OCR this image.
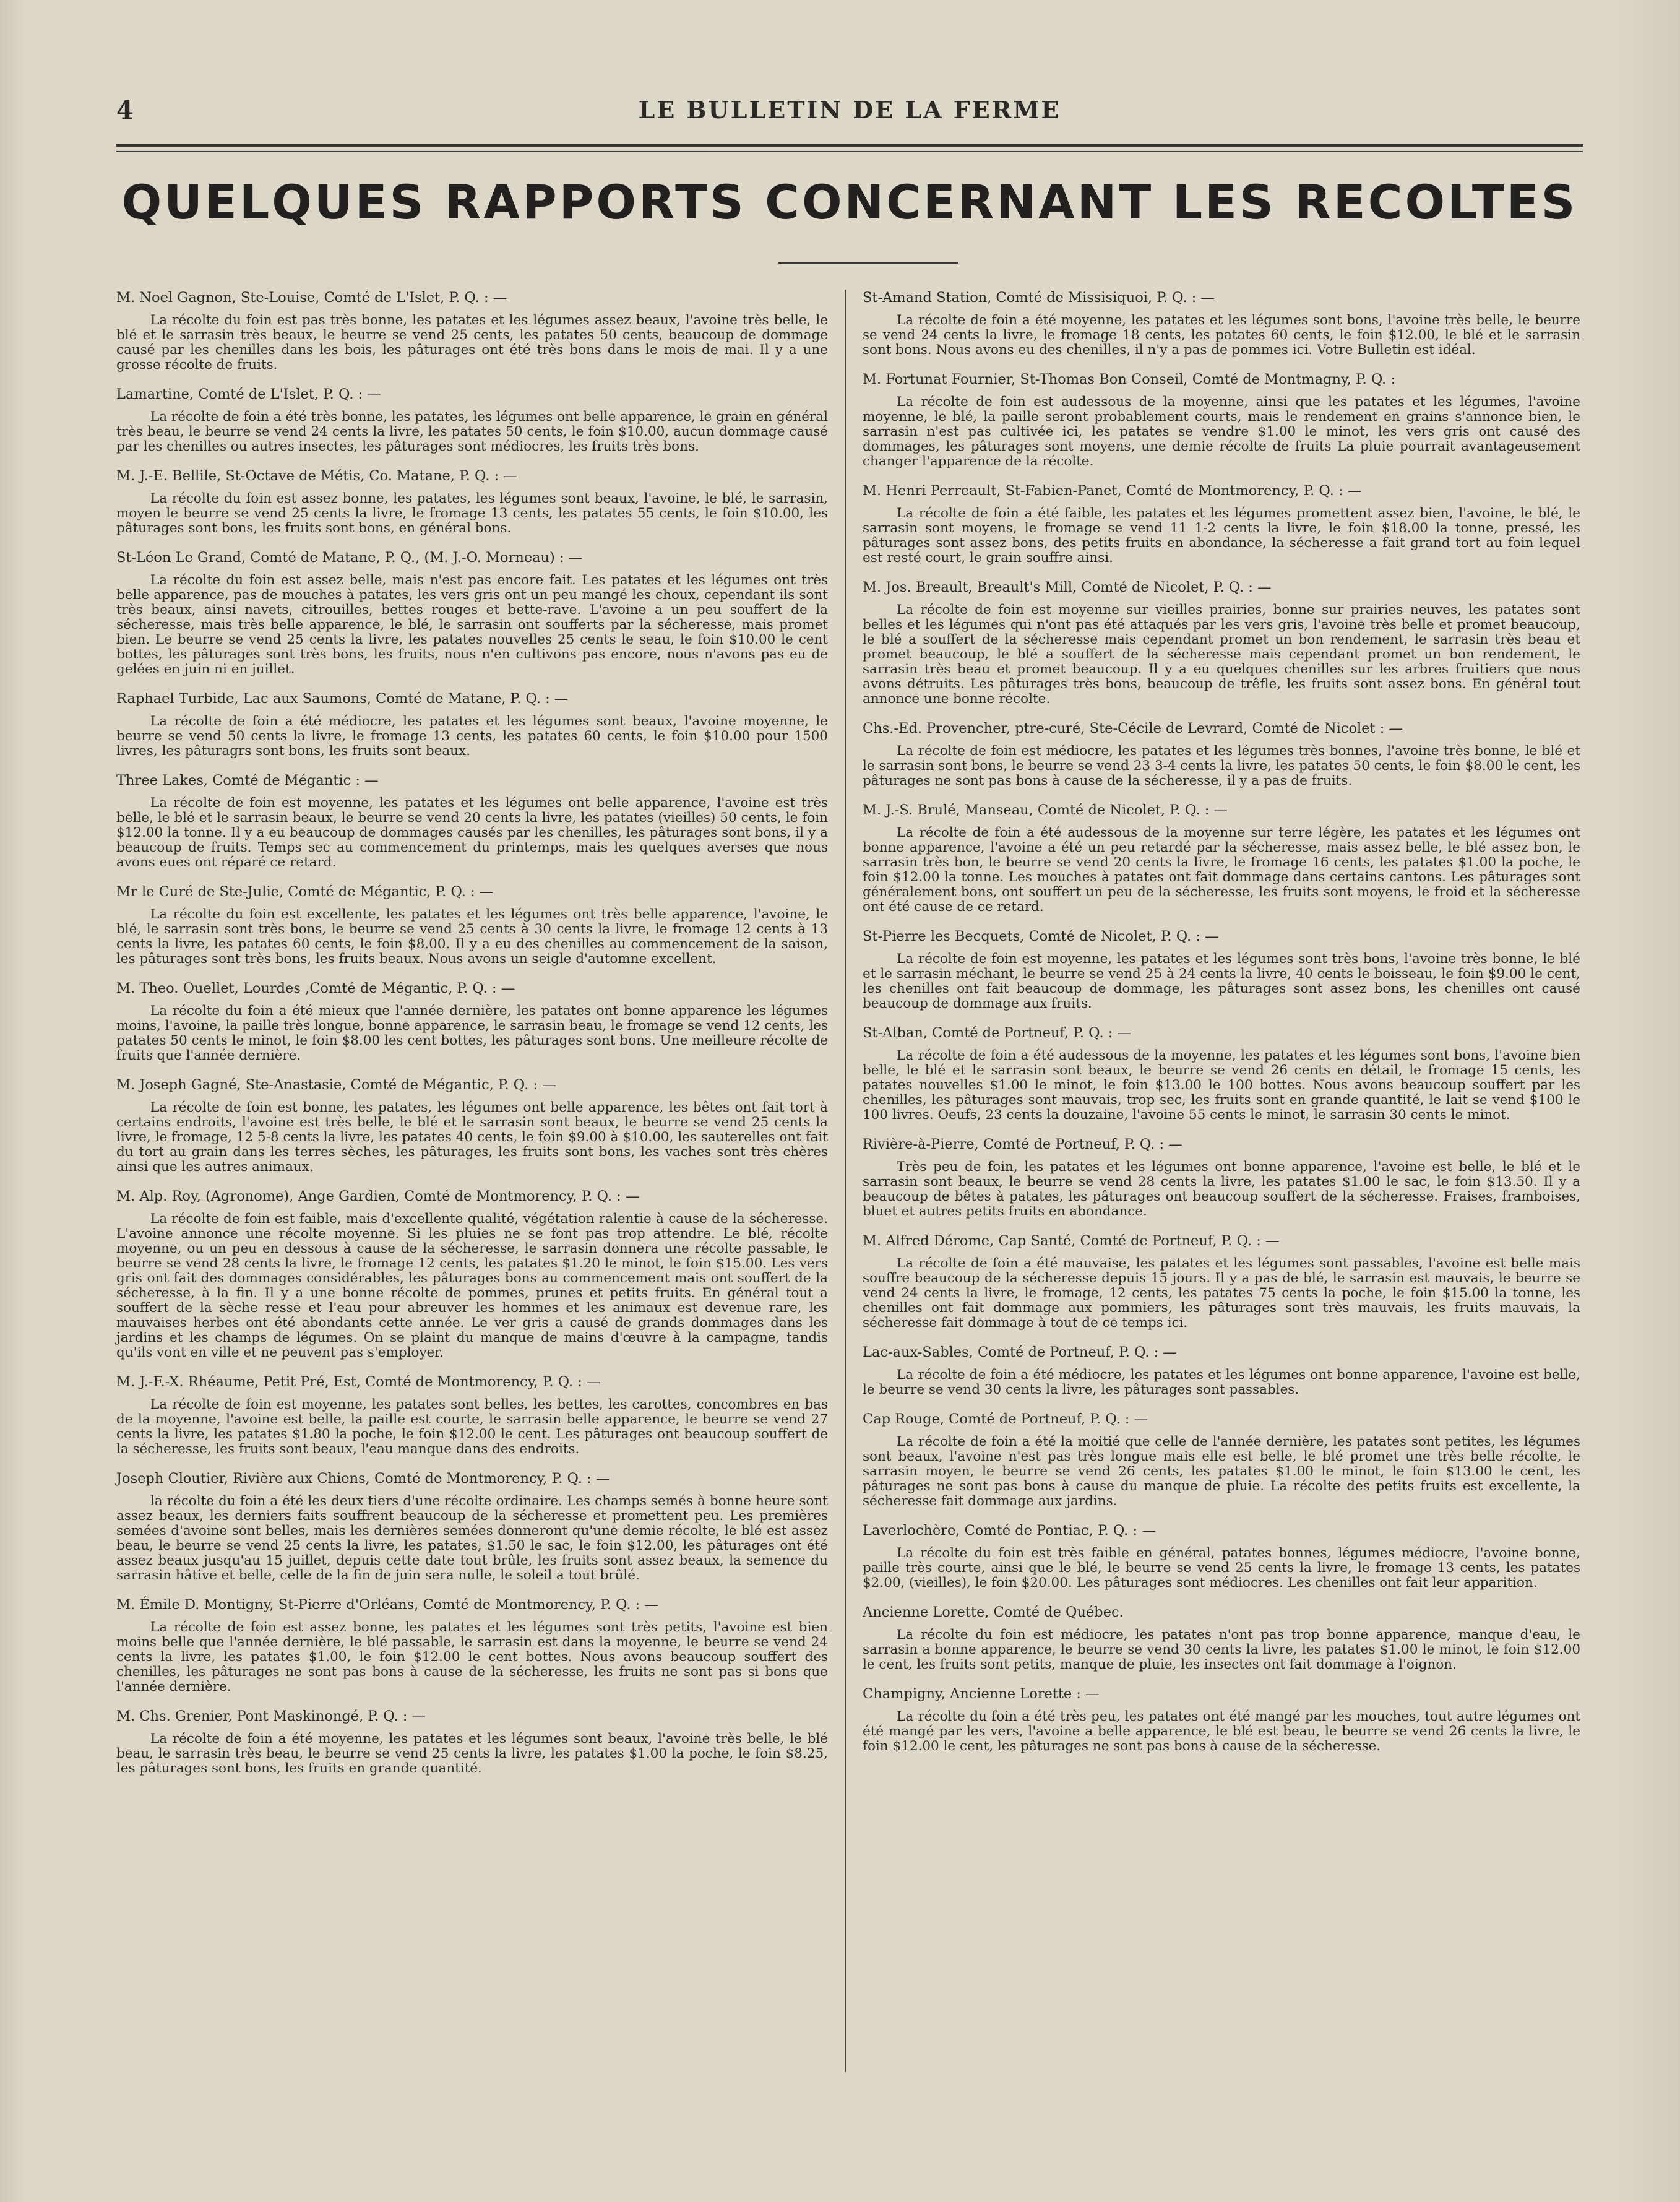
4	LE BULLETIN DE LA FERME
QUELQUES RAPPORTS CONCERNANT LES RECOLTES
M. Noel Gagnon, Ste-Louise, Comté de L'Islet, P. Q. : —

La récolte du foin est pas très bonne, les patates et les légumes assez beaux, l'avoine très belle, le blé et le sarrasin très beaux, le beurre se vend 25 cents, les patates 50 cents, beaucoup de dommage causé par les chenilles dans les bois, les pâturages ont été très bons dans le mois de mai. Il y a une grosse récolte de fruits.

Lamartine, Comté de L'Islet, P. Q. : —

La récolte de foin a été très bonne, les patates, les légumes ont belle apparence, le grain en général très beau, le beurre se vend 24 cents la livre, les patates 50 cents, le foin $10.00, aucun dommage causé par les chenilles ou autres insectes, les pâturages sont médiocres, les fruits très bons.

M. J.-E. Bellile, St-Octave de Métis, Co. Matane, P. Q. : —

La récolte du foin est assez bonne, les patates, les légumes sont beaux, l'avoine, le blé, le sarrasin, moyen le beurre se vend 25 cents la livre, le fromage 13 cents, les patates 55 cents, le foin $10.00, les pâturages sont bons, les fruits sont bons, en général bons.

St-Léon Le Grand, Comté de Matane, P. Q., (M. J.-O. Morneau) : —

La récolte du foin est assez belle, mais n'est pas encore fait. Les patates et les légumes ont très belle apparence, pas de mouches à patates, les vers gris ont un peu mangé les choux, cependant ils sont très beaux, ainsi navets, citrouilles, bettes rouges et bette-rave. L'avoine a un peu souffert de la sécheresse, mais très belle apparence, le blé, le sarrasin ont soufferts par la sécheresse, mais promet bien. Le beurre se vend 25 cents la livre, les patates nouvelles 25 cents le seau, le foin $10.00 le cent bottes, les pâturages sont très bons, les fruits, nous n'en cultivons pas encore, nous n'avons pas eu de gelées en juin ni en juillet.

Raphael Turbide, Lac aux Saumons, Comté de Matane, P. Q. : —

La récolte de foin a été médiocre, les patates et les légumes sont beaux, l'avoine moyenne, le beurre se vend 50 cents la livre, le fromage 13 cents, les patates 60 cents, le foin $10.00 pour 1500 livres, les pâturagrs sont bons, les fruits sont beaux.

Three Lakes, Comté de Mégantic : —

La récolte de foin est moyenne, les patates et les légumes ont belle apparence, l'avoine est très belle, le blé et le sarrasin beaux, le beurre se vend 20 cents la livre, les patates (vieilles) 50 cents, le foin $12.00 la tonne. Il y a eu beaucoup de dommages causés par les chenilles, les pâturages sont bons, il y a beaucoup de fruits. Temps sec au commencement du printemps, mais les quelques averses que nous avons eues ont réparé ce retard.

Mr le Curé de Ste-Julie, Comté de Mégantic, P. Q. : —

La récolte du foin est excellente, les patates et les légumes ont très belle apparence, l'avoine, le blé, le sarrasin sont très bons, le beurre se vend 25 cents à 30 cents la livre, le fromage 12 cents à 13 cents la livre, les patates 60 cents, le foin $8.00. Il y a eu des chenilles au commencement de la saison, les pâturages sont très bons, les fruits beaux. Nous avons un seigle d'automne excellent.

M. Theo. Ouellet, Lourdes ,Comté de Mégantic, P. Q. : —

La récolte du foin a été mieux que l'année dernière, les patates ont bonne apparence les légumes moins, l'avoine, la paille très longue, bonne apparence, le sarrasin beau, le fromage se vend 12 cents, les patates 50 cents le minot, le foin $8.00 les cent bottes, les pâturages sont bons. Une meilleure récolte de fruits que l'année dernière.

M. Joseph Gagné, Ste-Anastasie, Comté de Mégantic, P. Q. : —

La récolte de foin est bonne, les patates, les légumes ont belle apparence, les bêtes ont fait tort à certains endroits, l'avoine est très belle, le blé et le sarrasin sont beaux, le beurre se vend 25 cents la livre, le fromage, 12 5-8 cents la livre, les patates 40 cents, le foin $9.00 à $10.00, les sauterelles ont fait du tort au grain dans les terres sèches, les pâturages, les fruits sont bons, les vaches sont très chères ainsi que les autres animaux.

M. Alp. Roy, (Agronome), Ange Gardien, Comté de Montmorency, P. Q. : —

La récolte de foin est faible, mais d'excellente qualité, végétation ralentie à cause de la sécheresse. L'avoine annonce une récolte moyenne. Si les pluies ne se font pas trop attendre. Le blé, récolte moyenne, ou un peu en dessous à cause de la sécheresse, le sarrasin donnera une récolte passable, le beurre se vend 28 cents la livre, le fromage 12 cents, les patates $1.20 le minot, le foin $15.00. Les vers gris ont fait des dommages considérables, les pâturages bons au commencement mais ont souffert de la sécheresse, à la fin. Il y a une bonne récolte de pommes, prunes et petits fruits. En général tout a souffert de la sèche resse et l'eau pour abreuver les hommes et les animaux est devenue rare, les mauvaises herbes ont été abondants cette année. Le ver gris a causé de grands dommages dans les jardins et les champs de légumes. On se plaint du manque de mains d'œuvre à la campagne, tandis qu'ils vont en ville et ne peuvent pas s'employer.

M. J.-F.-X. Rhéaume, Petit Pré, Est, Comté de Montmorency, P. Q. : —

La récolte de foin est moyenne, les patates sont belles, les bettes, les carottes, concombres en bas de la moyenne, l'avoine est belle, la paille est courte, le sarrasin belle apparence, le beurre se vend 27 cents la livre, les patates $1.80 la poche, le foin $12.00 le cent. Les pâturages ont beaucoup souffert de la sécheresse, les fruits sont beaux, l'eau manque dans des endroits.

Joseph Cloutier, Rivière aux Chiens, Comté de Montmorency, P. Q. : —

la récolte du foin a été les deux tiers d'une récolte ordinaire. Les champs semés à bonne heure sont assez beaux, les derniers faits souffrent beaucoup de la sécheresse et promettent peu. Les premières semées d'avoine sont belles, mais les dernières semées donneront qu'une demie récolte, le blé est assez beau, le beurre se vend 25 cents la livre, les patates, $1.50 le sac, le foin $12.00, les pâturages ont été assez beaux jusqu'au 15 juillet, depuis cette date tout brûle, les fruits sont assez beaux, la semence du sarrasin hâtive et belle, celle de la fin de juin sera nulle, le soleil a tout brûlé.

M. Émile D. Montigny, St-Pierre d'Orléans, Comté de Montmorency, P. Q. : —

La récolte de foin est assez bonne, les patates et les légumes sont très petits, l'avoine est bien moins belle que l'année dernière, le blé passable, le sarrasin est dans la moyenne, le beurre se vend 24 cents la livre, les patates $1.00, le foin $12.00 le cent bottes. Nous avons beaucoup souffert des chenilles, les pâturages ne sont pas bons à cause de la sécheresse, les fruits ne sont pas si bons que l'année dernière.

M. Chs. Grenier, Pont Maskinongé, P. Q. : —

La récolte de foin a été moyenne, les patates et les légumes sont beaux, l'avoine très belle, le blé beau, le sarrasin très beau, le beurre se vend 25 cents la livre, les patates $1.00 la poche, le foin $8.25, les pâturages sont bons, les fruits en grande quantité.

St-Amand Station, Comté de Missisiquoi, P. Q. : —

La récolte de foin a été moyenne, les patates et les légumes sont bons, l'avoine très belle, le beurre se vend 24 cents la livre, le fromage 18 cents, les patates 60 cents, le foin $12.00, le blé et le sarrasin sont bons. Nous avons eu des chenilles, il n'y a pas de pommes ici. Votre Bulletin est idéal.

M. Fortunat Fournier, St-Thomas Bon Conseil, Comté de Montmagny, P. Q. :

La récolte de foin est audessous de la moyenne, ainsi que les patates et les légumes, l'avoine moyenne, le blé, la paille seront probablement courts, mais le rendement en grains s'annonce bien, le sarrasin n'est pas cultivée ici, les patates se vendre $1.00 le minot, les vers gris ont causé des dommages, les pâturages sont moyens, une demie récolte de fruits La pluie pourrait avantageusement changer l'apparence de la récolte.

M. Henri Perreault, St-Fabien-Panet, Comté de Montmorency, P. Q. : —

La récolte de foin a été faible, les patates et les légumes promettent assez bien, l'avoine, le blé, le sarrasin sont moyens, le fromage se vend 11 1-2 cents la livre, le foin $18.00 la tonne, pressé, les pâturages sont assez bons, des petits fruits en abondance, la sécheresse a fait grand tort au foin lequel est resté court, le grain souffre ainsi.

M. Jos. Breault, Breault's Mill, Comté de Nicolet, P. Q. : —

La récolte de foin est moyenne sur vieilles prairies, bonne sur prairies neuves, les patates sont belles et les légumes qui n'ont pas été attaqués par les vers gris, l'avoine très belle et promet beaucoup, le blé a souffert de la sécheresse mais cependant promet un bon rendement, le sarrasin très beau et promet beaucoup, le blé a souffert de la sécheresse mais cependant promet un bon rendement, le sarrasin très beau et promet beaucoup. Il y a eu quelques chenilles sur les arbres fruitiers que nous avons détruits. Les pâturages très bons, beaucoup de trêfle, les fruits sont assez bons. En général tout annonce une bonne récolte.

Chs.-Ed. Provencher, ptre-curé, Ste-Cécile de Levrard, Comté de Nicolet : —

La récolte de foin est médiocre, les patates et les légumes très bonnes, l'avoine très bonne, le blé et le sarrasin sont bons, le beurre se vend 23 3-4 cents la livre, les patates 50 cents, le foin $8.00 le cent, les pâturages ne sont pas bons à cause de la sécheresse, il y a pas de fruits.

M. J.-S. Brulé, Manseau, Comté de Nicolet, P. Q. : —

La récolte de foin a été audessous de la moyenne sur terre légère, les patates et les légumes ont bonne apparence, l'avoine a été un peu retardé par la sécheresse, mais assez belle, le blé assez bon, le sarrasin très bon, le beurre se vend 20 cents la livre, le fromage 16 cents, les patates $1.00 la poche, le foin $12.00 la tonne. Les mouches à patates ont fait dommage dans certains cantons. Les pâturages sont généralement bons, ont souffert un peu de la sécheresse, les fruits sont moyens, le froid et la sécheresse ont été cause de ce retard.

St-Pierre les Becquets, Comté de Nicolet, P. Q. : —

La récolte de foin est moyenne, les patates et les légumes sont très bons, l'avoine très bonne, le blé et le sarrasin méchant, le beurre se vend 25 à 24 cents la livre, 40 cents le boisseau, le foin $9.00 le cent, les chenilles ont fait beaucoup de dommage, les pâturages sont assez bons, les chenilles ont causé beaucoup de dommage aux fruits.

St-Alban, Comté de Portneuf, P. Q. : —

La récolte de foin a été audessous de la moyenne, les patates et les légumes sont bons, l'avoine bien belle, le blé et le sarrasin sont beaux, le beurre se vend 26 cents en détail, le fromage 15 cents, les patates nouvelles $1.00 le minot, le foin $13.00 le 100 bottes. Nous avons beaucoup souffert par les chenilles, les pâturages sont mauvais, trop sec, les fruits sont en grande quantité, le lait se vend $100 le 100 livres. Oeufs, 23 cents la douzaine, l'avoine 55 cents le minot, le sarrasin 30 cents le minot.

Rivière-à-Pierre, Comté de Portneuf, P. Q. : —

Très peu de foin, les patates et les légumes ont bonne apparence, l'avoine est belle, le blé et le sarrasin sont beaux, le beurre se vend 28 cents la livre, les patates $1.00 le sac, le foin $13.50. Il y a beaucoup de bêtes à patates, les pâturages ont beaucoup souffert de la sécheresse. Fraises, framboises, bluet et autres petits fruits en abondance.

M. Alfred Dérome, Cap Santé, Comté de Portneuf, P. Q. : —

La récolte de foin a été mauvaise, les patates et les légumes sont passables, l'avoine est belle mais souffre beaucoup de la sécheresse depuis 15 jours. Il y a pas de blé, le sarrasin est mauvais, le beurre se vend 24 cents la livre, le fromage, 12 cents, les patates 75 cents la poche, le foin $15.00 la tonne, les chenilles ont fait dommage aux pommiers, les pâturages sont très mauvais, les fruits mauvais, la sécheresse fait dommage à tout de ce temps ici.

Lac-aux-Sables, Comté de Portneuf, P. Q. : —

La récolte de foin a été médiocre, les patates et les légumes ont bonne apparence, l'avoine est belle, le beurre se vend 30 cents la livre, les pâturages sont passables.

Cap Rouge, Comté de Portneuf, P. Q. : —

La récolte de foin a été la moitié que celle de l'année dernière, les patates sont petites, les légumes sont beaux, l'avoine n'est pas très longue mais elle est belle, le blé promet une très belle récolte, le sarrasin moyen, le beurre se vend 26 cents, les patates $1.00 le minot, le foin $13.00 le cent, les pâturages ne sont pas bons à cause du manque de pluie. La récolte des petits fruits est excellente, la sécheresse fait dommage aux jardins.

Laverlochère, Comté de Pontiac, P. Q. : —

La récolte du foin est très faible en général, patates bonnes, légumes médiocre, l'avoine bonne, paille très courte, ainsi que le blé, le beurre se vend 25 cents la livre, le fromage 13 cents, les patates $2.00, (vieilles), le foin $20.00. Les pâturages sont médiocres. Les chenilles ont fait leur apparition.

Ancienne Lorette, Comté de Québec.

La récolte du foin est médiocre, les patates n'ont pas trop bonne apparence, manque d'eau, le sarrasin a bonne apparence, le beurre se vend 30 cents la livre, les patates $1.00 le minot, le foin $12.00 le cent, les fruits sont petits, manque de pluie, les insectes ont fait dommage à l'oignon.

Champigny, Ancienne Lorette : —

La récolte du foin a été très peu, les patates ont été mangé par les mouches, tout autre légumes ont été mangé par les vers, l'avoine a belle apparence, le blé est beau, le beurre se vend 26 cents la livre, le foin $12.00 le cent, les pâturages ne sont pas bons à cause de la sécheresse.
